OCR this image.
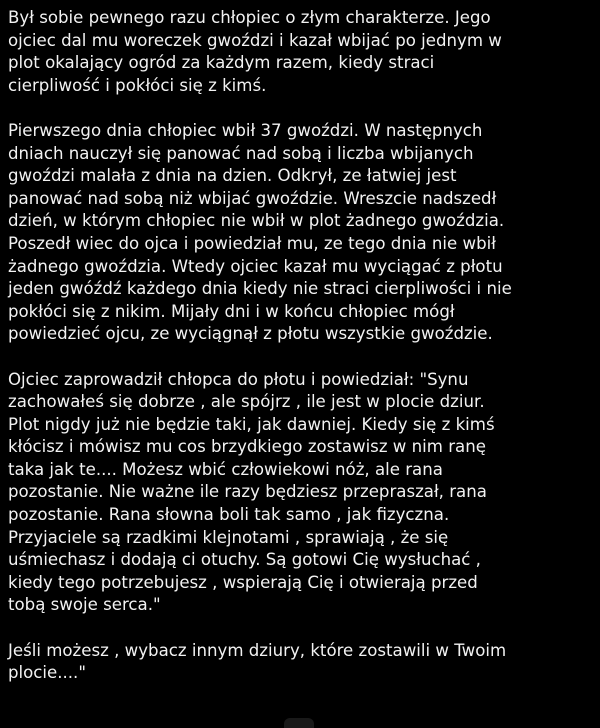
Był sobie pewnego razu chłopiec o złym charakterze. Jego
ojciec dal mu woreczek gwoździ i kazał wbijać po jednym w
plot okalający ogród za każdym razem, kiedy straci
cierpliwość i pokłóci się z kimś.
Pierwszego dnia chłopiec wbił 37 gwoździ. W następnych
dniach nauczył się panować nad sobą i liczba wbijanych
gwoździ malała z dnia na dzien. Odkrył, ze łatwiej jest
panować nad sobą niż wbijać gwoździe. Wreszcie nadszedł
dzień, w którym chłopiec nie wbił w plot żadnego gwoździa.
Poszedł wiec do ojca i powiedział mu, ze tego dnia nie wbił
żadnego gwoździa. Wtedy ojciec kazał mu wyciągać z płotu
jeden gwóźdź każdego dnia kiedy nie straci cierpliwości i nie
pokłóci się z nikim. Mijały dni i w końcu chłopiec mógł
powiedzieć ojcu, ze wyciągnął z płotu wszystkie gwoździe.
Ojciec zaprowadził chłopca do płotu i powiedział: "Synu
zachowałeś się dobrze , ale spójrz , ile jest w plocie dziur.
Plot nigdy już nie będzie taki, jak dawniej. Kiedy się z kimś
kłócisz i mówisz mu cos brzydkiego zostawisz w nim ranę
taka jak te.... Możesz wbić człowiekowi nóż, ale rana
pozostanie. Nie ważne ile razy będziesz przepraszał, rana
pozostanie. Rana słowna boli tak samo , jak fizyczna.
Przyjaciele są rzadkimi klejnotami , sprawiają , że się
uśmiechasz i dodają ci otuchy. Są gotowi Cię wysłuchać ,
kiedy tego potrzebujesz , wspierają Cię i otwierają przed
tobą swoje serca."
Jeśli możesz , wybacz innym dziury, które zostawili w Twoim
plocie...."
